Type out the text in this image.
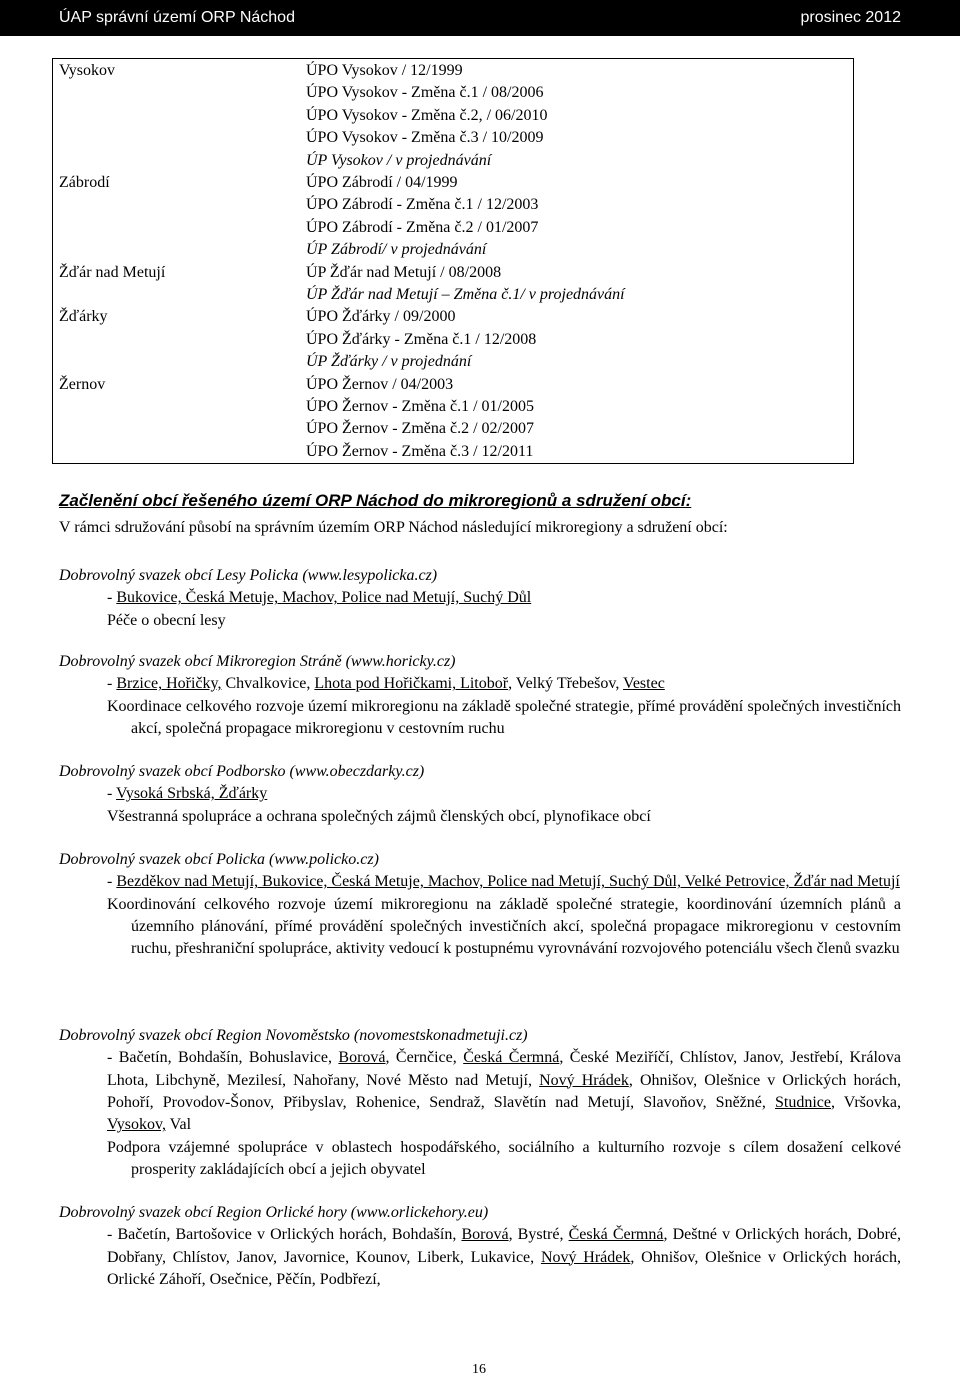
ÚAP správní území ORP Náchod	prosinec 2012
Vysokov	ÚPO Vysokov / 12/1999
ÚPO Vysokov - Změna č.1 / 08/2006
ÚPO Vysokov - Změna č.2, / 06/2010
ÚPO Vysokov - Změna č.3 / 10/2009
ÚP Vysokov / v projednávání
Zábrodí	ÚPO Zábrodí / 04/1999
ÚPO Zábrodí - Změna č.1 / 12/2003
ÚPO Zábrodí - Změna č.2 / 01/2007
ÚP Zábrodí/ v projednávání
Žďár nad Metují	ÚP Žďár nad Metují / 08/2008
ÚP Žďár nad Metují – Změna č.1/ v projednávání
Žďárky	ÚPO Žďárky / 09/2000
ÚPO Žďárky - Změna č.1 / 12/2008
ÚP Žďárky / v projednání
Žernov	ÚPO Žernov / 04/2003
ÚPO Žernov - Změna č.1 / 01/2005
ÚPO Žernov - Změna č.2 / 02/2007
ÚPO Žernov - Změna č.3 / 12/2011
Začlenění obcí řešeného území ORP Náchod do mikroregionů a sdružení obcí:
V rámci sdružování působí na správním územím ORP Náchod následující mikroregiony a sdružení obcí:
Dobrovolný svazek obcí Lesy Policka (www.lesypolicka.cz)
- Bukovice, Česká Metuje, Machov, Police nad Metují, Suchý Důl
Péče o obecní lesy
Dobrovolný svazek obcí Mikroregion Stráně (www.horicky.cz)
- Brzice, Hořičky, Chvalkovice, Lhota pod Hořičkami, Litoboř, Velký Třebešov, Vestec
Koordinace celkového rozvoje území mikroregionu na základě společné strategie, přímé provádění společných investičních akcí, společná propagace mikroregionu v cestovním ruchu
Dobrovolný svazek obcí Podborsko (www.obeczdarky.cz)
- Vysoká Srbská, Žďárky
Všestranná spolupráce a ochrana společných zájmů členských obcí, plynofikace obcí
Dobrovolný svazek obcí Policka (www.policko.cz)
- Bezděkov nad Metují, Bukovice, Česká Metuje, Machov, Police nad Metují, Suchý Důl, Velké Petrovice, Žďár nad Metují
Koordinování celkového rozvoje území mikroregionu na základě společné strategie, koordinování územních plánů a územního plánování, přímé provádění společných investičních akcí, společná propagace mikroregionu v cestovním ruchu, přeshraniční spolupráce, aktivity vedoucí k postupnému vyrovnávání rozvojového potenciálu všech členů svazku
Dobrovolný svazek obcí Region Novoměstsko (novomestskonadmetuji.cz)
- Bačetín, Bohdašín, Bohuslavice, Borová, Černčice, Česká Čermná, České Meziříčí, Chlístov, Janov, Jestřebí, Králova Lhota, Libchyně, Mezilesí, Nahořany, Nové Město nad Metují, Nový Hrádek, Ohnišov, Olešnice v Orlických horách, Pohoří, Provodov-Šonov, Přibyslav, Rohenice, Sendraž, Slavětín nad Metují, Slavoňov, Sněžné, Studnice, Vršovka, Vysokov, Val
Podpora vzájemné spolupráce v oblastech hospodářského, sociálního a kulturního rozvoje s cílem dosažení celkové prosperity zakládajících obcí a jejich obyvatel
Dobrovolný svazek obcí Region Orlické hory (www.orlickehory.eu)
- Bačetín, Bartošovice v Orlických horách, Bohdašín, Borová, Bystré, Česká Čermná, Deštné v Orlických horách, Dobré, Dobřany, Chlístov, Janov, Javornice, Kounov, Liberk, Lukavice, Nový Hrádek, Ohnišov, Olešnice v Orlických horách, Orlické Záhoří, Osečnice, Pěčín, Podbřezí,
16
